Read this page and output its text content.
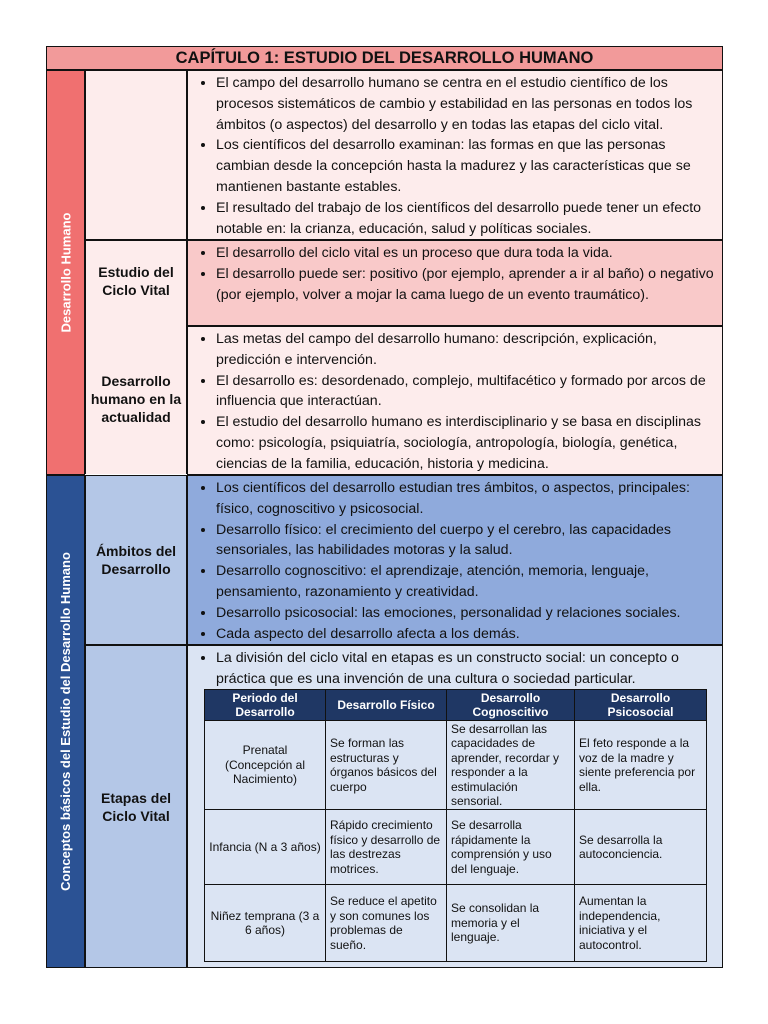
CAPÍTULO 1: ESTUDIO DEL DESARROLLO HUMANO
Desarrollo Humano
• El campo del desarrollo humano se centra en el estudio científico de los procesos sistemáticos de cambio y estabilidad en las personas en todos los ámbitos (o aspectos) del desarrollo y en todas las etapas del ciclo vital.
• Los científicos del desarrollo examinan: las formas en que las personas cambian desde la concepción hasta la madurez y las características que se mantienen bastante estables.
• El resultado del trabajo de los científicos del desarrollo puede tener un efecto notable en: la crianza, educación, salud y políticas sociales.
Estudio del Ciclo Vital
• El desarrollo del ciclo vital es un proceso que dura toda la vida.
• El desarrollo puede ser: positivo (por ejemplo, aprender a ir al baño) o negativo (por ejemplo, volver a mojar la cama luego de un evento traumático).
Desarrollo humano en la actualidad
• Las metas del campo del desarrollo humano: descripción, explicación, predicción e intervención.
• El desarrollo es: desordenado, complejo, multifacético y formado por arcos de influencia que interactúan.
• El estudio del desarrollo humano es interdisciplinario y se basa en disciplinas como: psicología, psiquiatría, sociología, antropología, biología, genética, ciencias de la familia, educación, historia y medicina.
Conceptos básicos del Estudio del Desarrollo Humano
Ámbitos del Desarrollo
• Los científicos del desarrollo estudian tres ámbitos, o aspectos, principales: físico, cognoscitivo y psicosocial.
• Desarrollo físico: el crecimiento del cuerpo y el cerebro, las capacidades sensoriales, las habilidades motoras y la salud.
• Desarrollo cognoscitivo: el aprendizaje, atención, memoria, lenguaje, pensamiento, razonamiento y creatividad.
• Desarrollo psicosocial: las emociones, personalidad y relaciones sociales.
• Cada aspecto del desarrollo afecta a los demás.
Etapas del Ciclo Vital
• La división del ciclo vital en etapas es un constructo social: un concepto o práctica que es una invención de una cultura o sociedad particular.
Periodo del Desarrollo	Desarrollo Físico	Desarrollo Cognoscitivo	Desarrollo Psicosocial
Prenatal (Concepción al Nacimiento)	Se forman las estructuras y órganos básicos del cuerpo	Se desarrollan las capacidades de aprender, recordar y responder a la estimulación sensorial.	El feto responde a la voz de la madre y siente preferencia por ella.
Infancia (N a 3 años)	Rápido crecimiento físico y desarrollo de las destrezas motrices.	Se desarrolla rápidamente la comprensión y uso del lenguaje.	Se desarrolla la autoconciencia.
Niñez temprana (3 a 6 años)	Se reduce el apetito y son comunes los problemas de sueño.	Se consolidan la memoria y el lenguaje.	Aumentan la independencia, iniciativa y el autocontrol.
